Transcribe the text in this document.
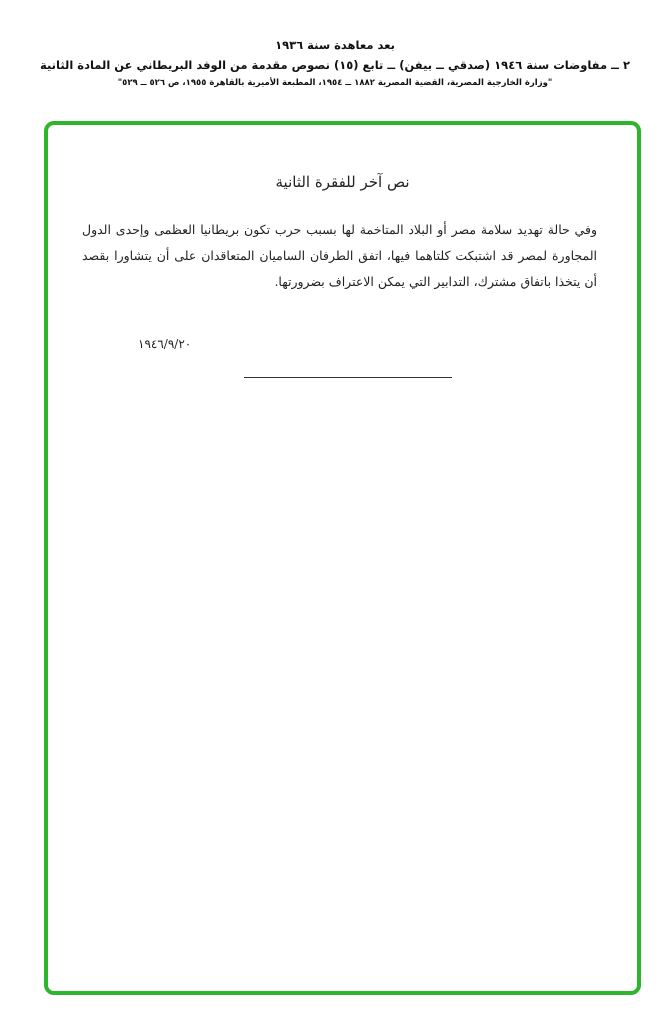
بعد معاهدة سنة ١٩٣٦
٢ ــ مفاوضات سنة ١٩٤٦ (صدقي ــ بيفن) ــ تابع (١٥) نصوص مقدمة من الوفد البريطاني عن المادة الثانية
"وزارة الخارجية المصرية، القضية المصرية ١٨٨٢ ــ ١٩٥٤، المطبعة الأميرية بالقاهرة ١٩٥٥، ص ٥٢٦ ــ ٥٢٩"
نص آخر للفقرة الثانية
وفي حالة تهديد سلامة مصر أو البلاد المتاخمة لها بسبب حرب تكون بريطانيا العظمى وإحدى الدول المجاورة لمصر قد اشتبكت كلتاهما فيها، اتفق الطرفان الساميان المتعاقدان على أن يتشاورا بقصد أن يتخذا باتفاق مشترك، التدابير التي يمكن الاعتراف بضرورتها.
١٩٤٦/٩/٢٠
